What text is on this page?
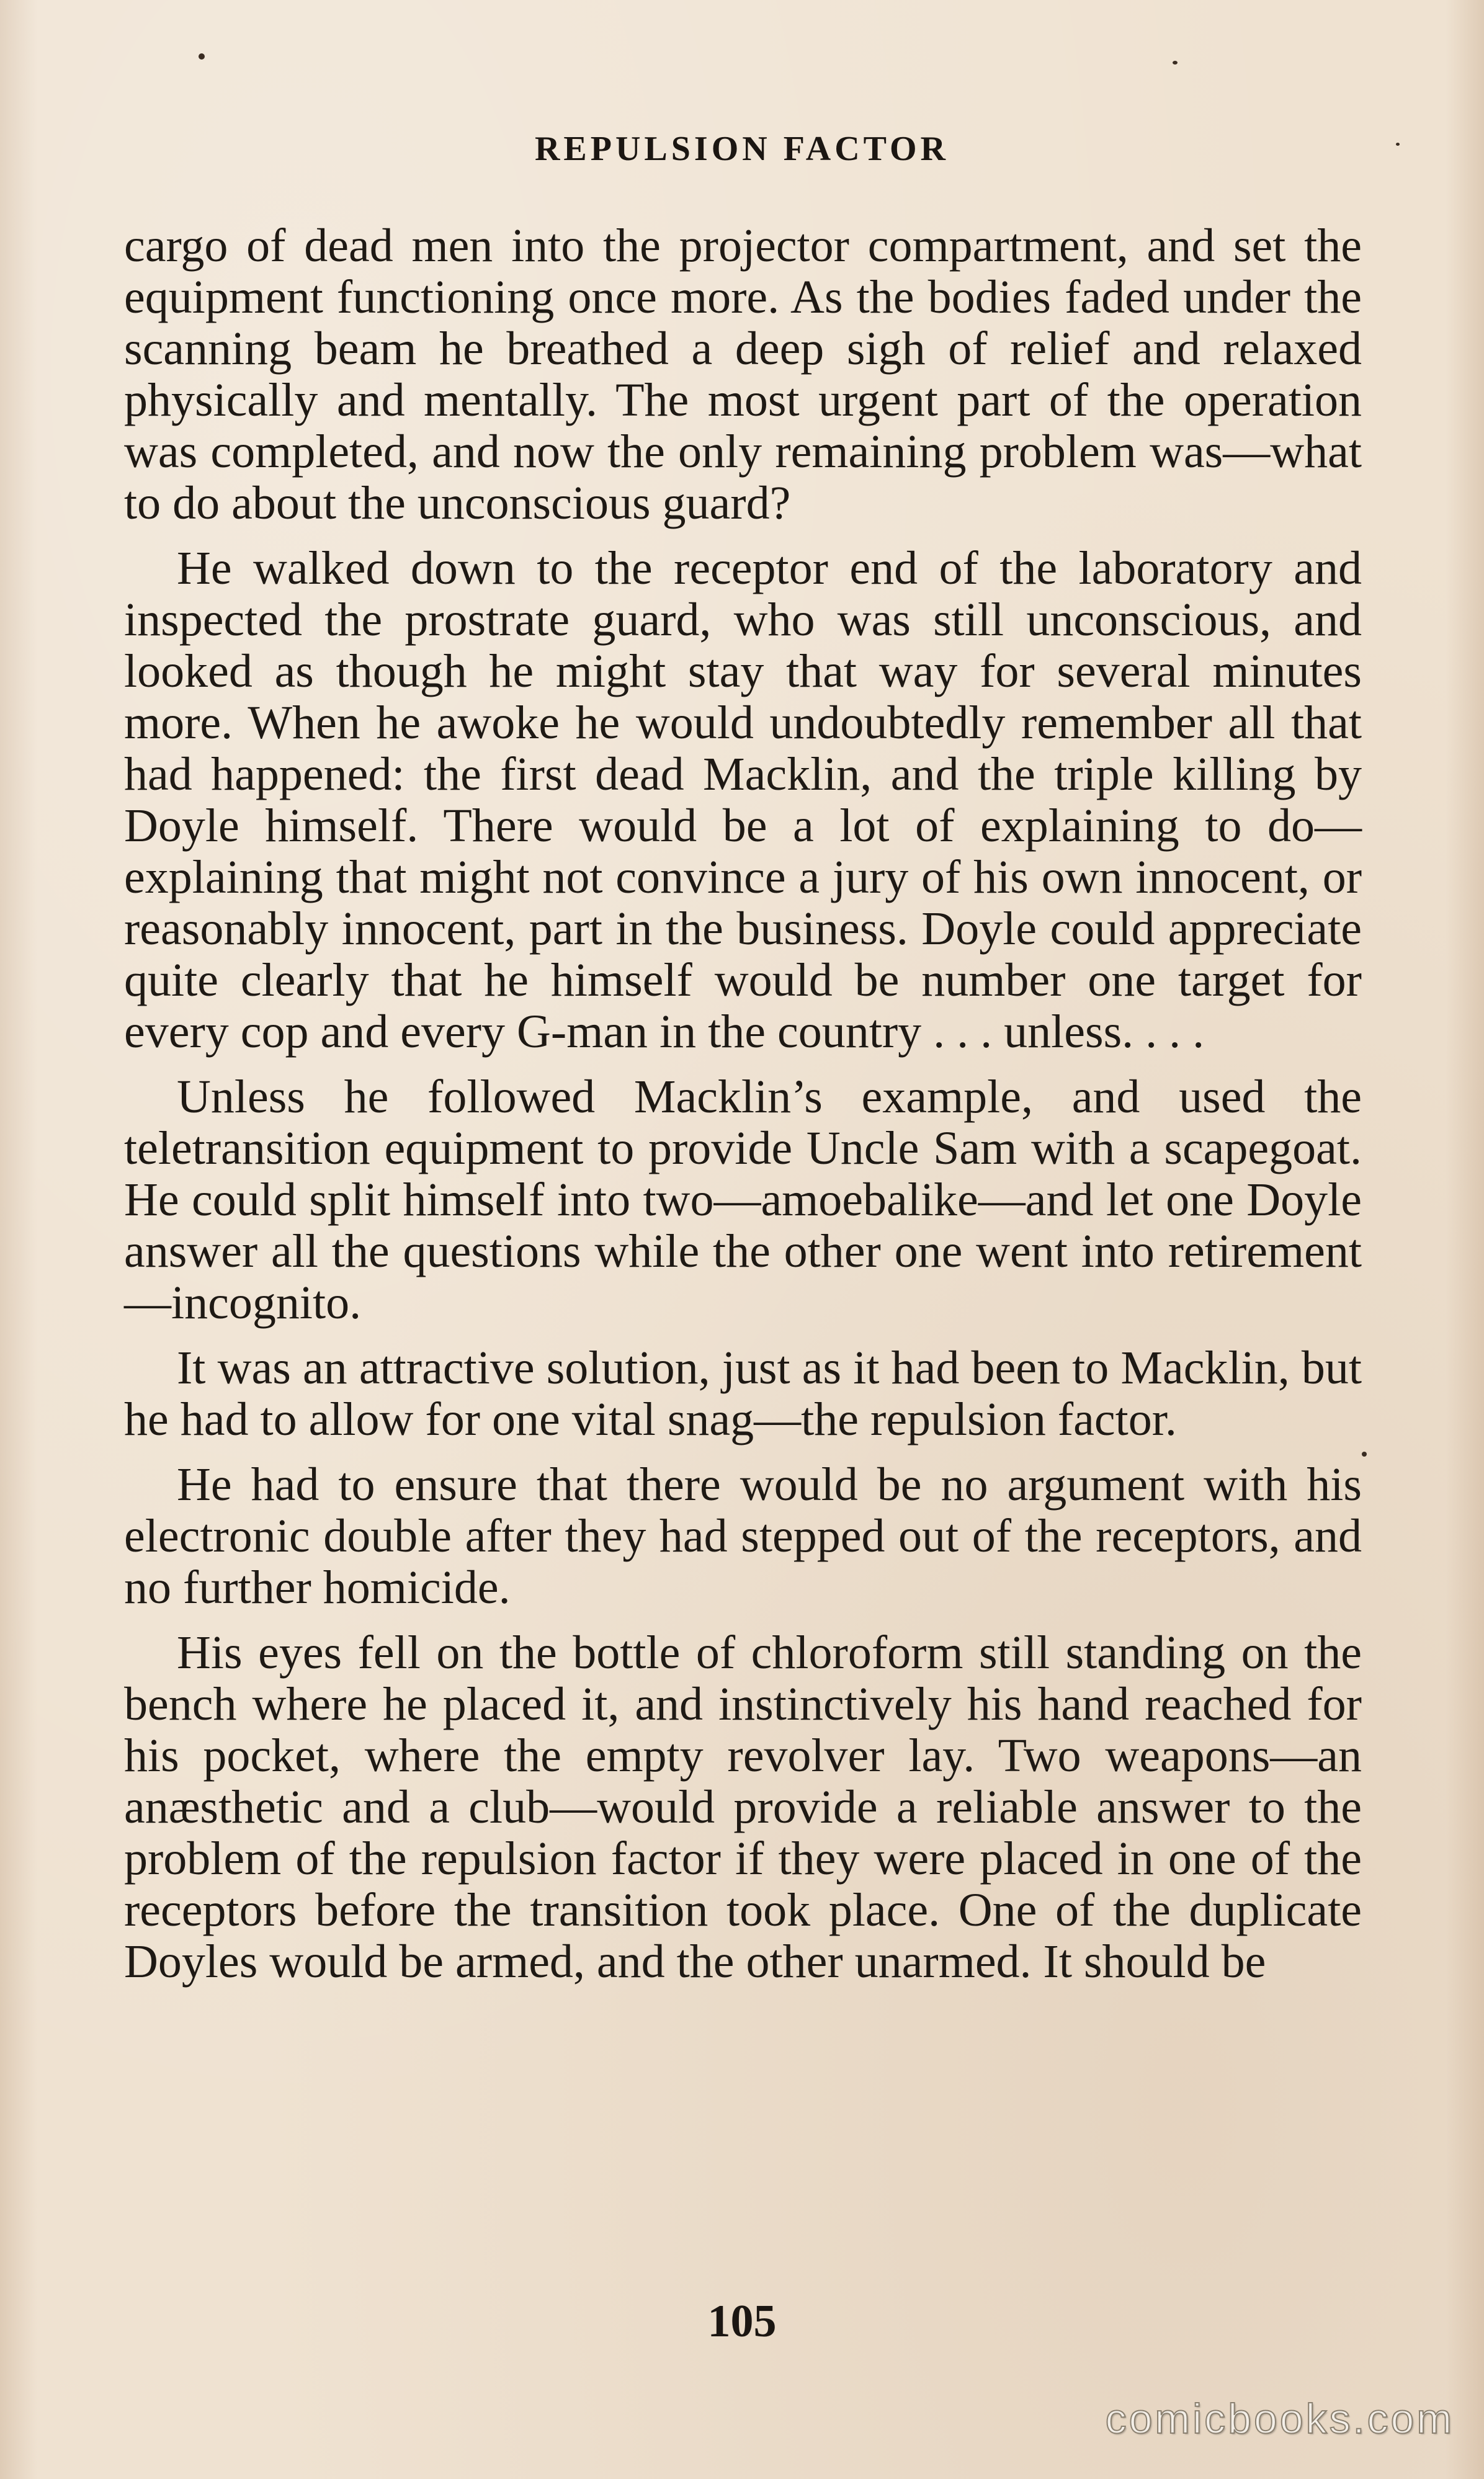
REPULSION FACTOR

cargo of dead men into the projector compartment, and set the equipment functioning once more. As the bodies faded under the scanning beam he breathed a deep sigh of relief and relaxed physically and mentally. The most urgent part of the operation was completed, and now the only remaining problem was—what to do about the unconscious guard?

He walked down to the receptor end of the laboratory and inspected the prostrate guard, who was still unconscious, and looked as though he might stay that way for several minutes more. When he awoke he would undoubtedly remember all that had happened: the first dead Macklin, and the triple killing by Doyle himself. There would be a lot of explaining to do—explaining that might not convince a jury of his own innocent, or reasonably innocent, part in the business. Doyle could appreciate quite clearly that he himself would be number one target for every cop and every G-man in the country . . . unless. . . .

Unless he followed Macklin’s example, and used the teletransition equipment to provide Uncle Sam with a scapegoat. He could split himself into two—amoebalike—and let one Doyle answer all the questions while the other one went into retirement—incognito.

It was an attractive solution, just as it had been to Macklin, but he had to allow for one vital snag—the repulsion factor.

He had to ensure that there would be no argument with his electronic double after they had stepped out of the receptors, and no further homicide.

His eyes fell on the bottle of chloroform still standing on the bench where he placed it, and instinctively his hand reached for his pocket, where the empty revolver lay. Two weapons—an anæsthetic and a club—would provide a reliable answer to the problem of the repulsion factor if they were placed in one of the receptors before the transition took place. One of the duplicate Doyles would be armed, and the other unarmed. It should be

105
comicbooks.com
